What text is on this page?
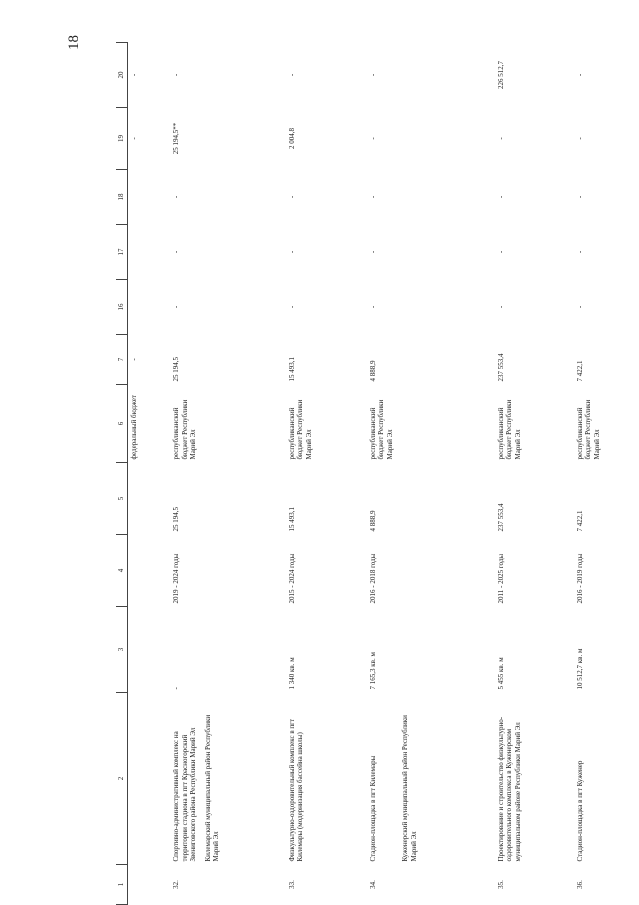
18
1	2	3	4	5	6	7	16	17	18	19	20
					федеральный бюджет	-				-	-
32.	Спортивно-административный комплекс на территории стадиона в пгт Красногорский Звениговского района Республики Марий Эл Килемарский муниципальный район Республики Марий Эл	-	2019 - 2024 годы	25 194,5	республиканский бюджет Республики Марий Эл	25 194,5	-	-	-	25 194,5**	-
33.	Физкультурно-оздоровительный комплекс в пгт Килемары (модернизация бассейна школы)	1 340 кв. м	2015 - 2024 годы	15 493,1	республиканский бюджет Республики Марий Эл	15 493,1	-	-	-	2 004,8	-
34.	Стадион-площадка в пгт Килемары Куженерский муниципальный район Республики Марий Эл	7 165,3 кв. м	2016 - 2018 годы	4 888,9	республиканский бюджет Республики Марий Эл	4 888,9	-	-	-	-	-
35.	Проектирование и строительство физкультурно-оздоровительного комплекса в Куженерском муниципальном районе Республики Марий Эл	5 455 кв. м	2011 - 2025 годы	237 553,4	республиканский бюджет Республики Марий Эл	237 553,4	-	-	-	-	226 512,7
36.	Стадион-площадка в пгт Куженер	10 512,7 кв. м	2016 - 2019 годы	7 422,1	республиканский бюджет Республики Марий Эл	7 422,1	-	-	-	-	-
